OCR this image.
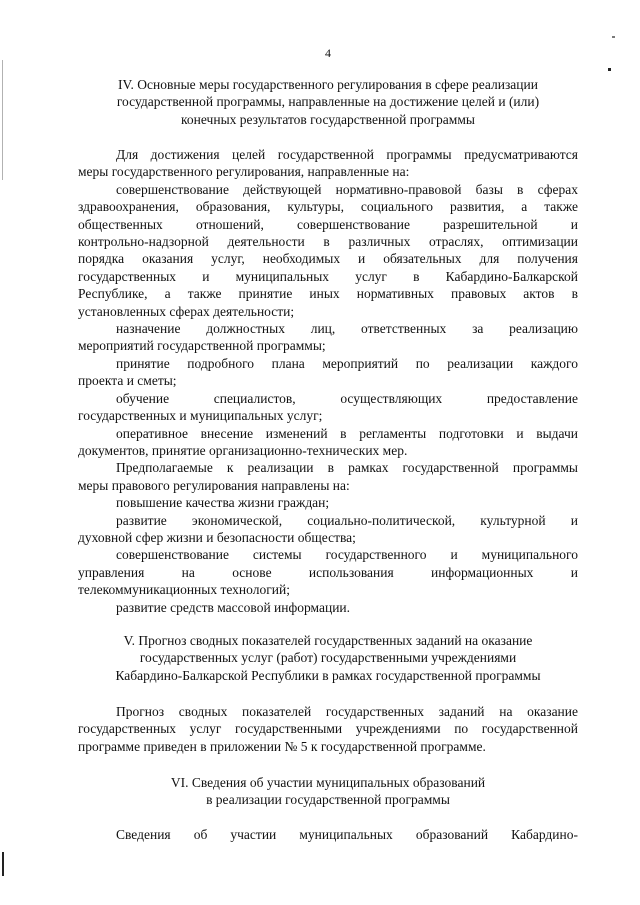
4
IV. Основные меры государственного регулирования в сфере реализации
государственной программы, направленные на достижение целей и (или)
конечных результатов государственной программы
Для достижения целей государственной программы предусматриваются
меры государственного регулирования, направленные на:
совершенствование действующей нормативно-правовой базы в сферах
здравоохранения, образования, культуры, социального развития, а также
общественных отношений, совершенствование разрешительной и
контрольно-надзорной деятельности в различных отраслях, оптимизации
порядка оказания услуг, необходимых и обязательных для получения
государственных и муниципальных услуг в Кабардино-Балкарской
Республике, а также принятие иных нормативных правовых актов в
установленных сферах деятельности;
назначение должностных лиц, ответственных за реализацию
мероприятий государственной программы;
принятие подробного плана мероприятий по реализации каждого
проекта и сметы;
обучение специалистов, осуществляющих предоставление
государственных и муниципальных услуг;
оперативное внесение изменений в регламенты подготовки и выдачи
документов, принятие организационно-технических мер.
Предполагаемые к реализации в рамках государственной программы
меры правового регулирования направлены на:
повышение качества жизни граждан;
развитие экономической, социально-политической, культурной и
духовной сфер жизни и безопасности общества;
совершенствование системы государственного и муниципального
управления на основе использования информационных и
телекоммуникационных технологий;
развитие средств массовой информации.
V. Прогноз сводных показателей государственных заданий на оказание
государственных услуг (работ) государственными учреждениями
Кабардино-Балкарской Республики в рамках государственной программы
Прогноз сводных показателей государственных заданий на оказание
государственных услуг государственными учреждениями по государственной
программе приведен в приложении № 5 к государственной программе.
VI. Сведения об участии муниципальных образований
в реализации государственной программы
Сведения об участии муниципальных образований Кабардино-
